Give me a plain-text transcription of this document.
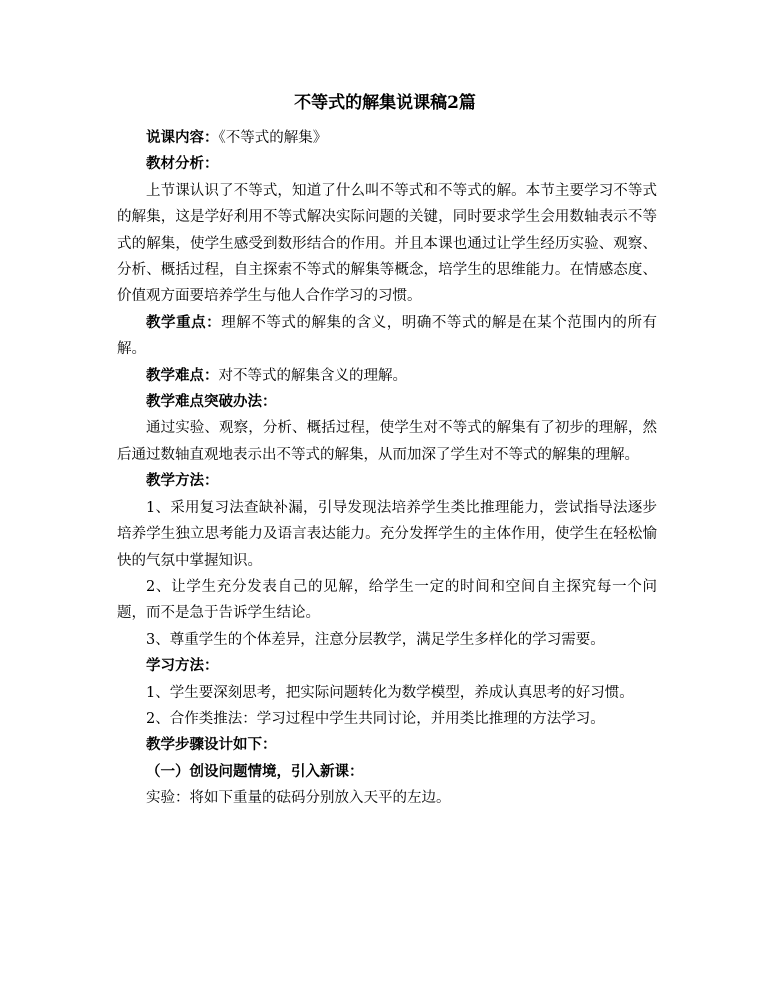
不等式的解集说课稿2篇

说课内容：《不等式的解集》

教材分析：

上节课认识了不等式，知道了什么叫不等式和不等式的解。本节主要学习不等式的解集，这是学好利用不等式解决实际问题的关键，同时要求学生会用数轴表示不等式的解集，使学生感受到数形结合的作用。并且本课也通过让学生经历实验、观察、分析、概括过程，自主探索不等式的解集等概念，培学生的思维能力。在情感态度、价值观方面要培养学生与他人合作学习的习惯。

教学重点：理解不等式的解集的含义，明确不等式的解是在某个范围内的所有解。

教学难点：对不等式的解集含义的理解。

教学难点突破办法：

通过实验、观察，分析、概括过程，使学生对不等式的解集有了初步的理解，然后通过数轴直观地表示出不等式的解集，从而加深了学生对不等式的解集的理解。

教学方法：

1、采用复习法查缺补漏，引导发现法培养学生类比推理能力，尝试指导法逐步培养学生独立思考能力及语言表达能力。充分发挥学生的主体作用，使学生在轻松愉快的气氛中掌握知识。

2、让学生充分发表自己的见解，给学生一定的时间和空间自主探究每一个问题，而不是急于告诉学生结论。

3、尊重学生的个体差异，注意分层教学，满足学生多样化的学习需要。

学习方法：

1、学生要深刻思考，把实际问题转化为数学模型，养成认真思考的好习惯。

2、合作类推法：学习过程中学生共同讨论，并用类比推理的方法学习。

教学步骤设计如下：

（一）创设问题情境，引入新课：

实验：将如下重量的砝码分别放入天平的左边。
